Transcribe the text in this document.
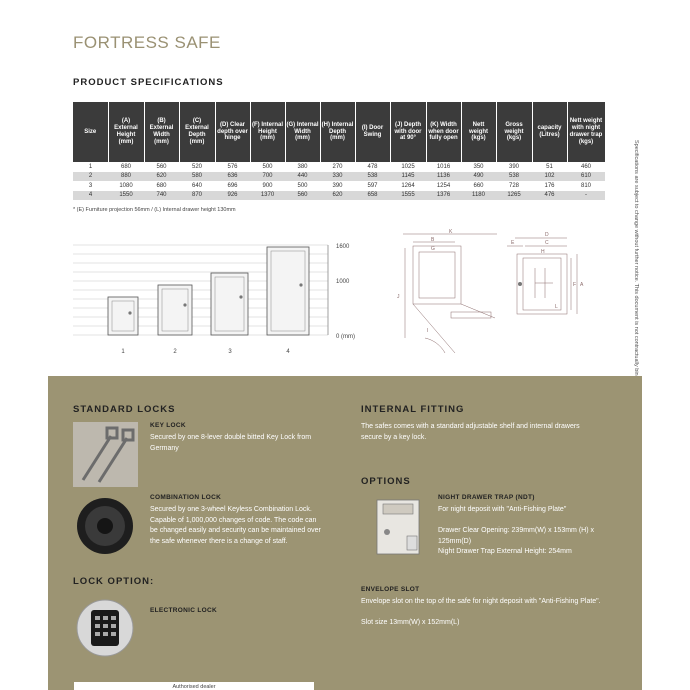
FORTRESS SAFE
PRODUCT SPECIFICATIONS
Size	(A) External Height (mm)	(B) External Width (mm)	(C) External Depth (mm)	(D) Clear depth over hinge	(F) Internal Height (mm)	(G) Internal Width (mm)	(H) Internal Depth (mm)	(I) Door Swing	(J) Depth with door at 90°	(K) Width when door fully open	Nett weight (kgs)	Gross weight (kgs)	capacity (Litres)	Nett weight with night drawer trap (kgs)
1	680	560	520	576	500	380	270	478	1025	1016	350	390	51	460
2	880	620	580	636	700	440	330	538	1145	1136	490	538	102	610
3	1080	680	640	696	900	500	390	597	1264	1254	660	728	176	810
4	1550	740	870	926	1370	560	620	658	1555	1376	1180	1265	476	-
* (E) Furniture projection 56mm / (L) Internal drawer height 130mm
1600
1000
0 (mm)
1	2	3	4
K
B
J
I
G
D
E	C
H
A
F
L
STANDARD LOCKS
KEY LOCK
Secured by one 8-lever double bitted Key Lock from Germany
COMBINATION LOCK
Secured by one 3-wheel Keyless Combination Lock. Capable of 1,000,000 changes of code. The code can be changed easily and security can be maintained over the safe whenever there is a change of staff.
LOCK OPTION:
ELECTRONIC LOCK
INTERNAL FITTING
The safes comes with a standard adjustable shelf and internal drawers secure by a key lock.
OPTIONS
NIGHT DRAWER TRAP (NDT)
For night deposit with "Anti-Fishing Plate"
Drawer Clear Opening: 239mm(W) x 153mm (H) x 125mm(D)
Night Drawer Trap External Height: 254mm
ENVELOPE SLOT
Envelope slot on the top of the safe for night deposit with "Anti-Fishing Plate".
Slot size 13mm(W) x 152mm(L)
Authorised dealer
